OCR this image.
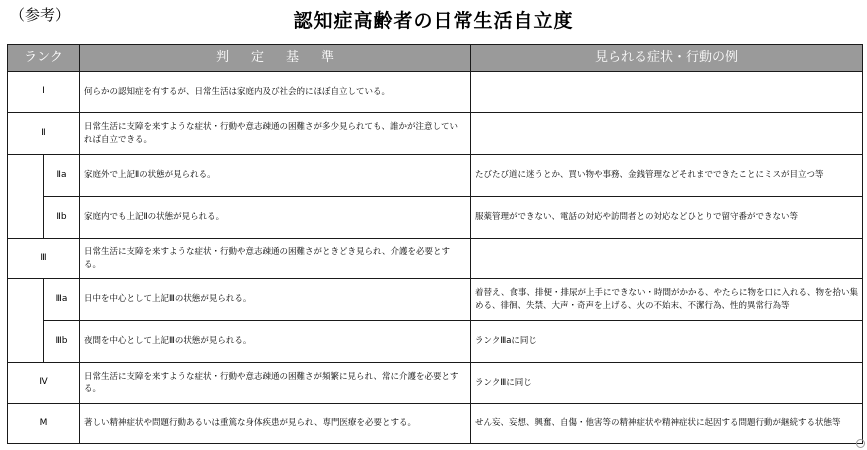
（参考）	認知症高齢者の日常生活自立度
ランク		判定基準	見られる症状・行動の例
Ⅰ		何らかの認知症を有するが、日常生活は家庭内及び社会的にほぼ自立している。	
Ⅱ		日常生活に支障を来すような症状・行動や意志疎通の困難さが多少見られても、誰かが注意していれば自立できる。	
	Ⅱa	家庭外で上記Ⅱの状態が見られる。	たびたび道に迷うとか、買い物や事務、金銭管理などそれまでできたことにミスが目立つ等
	Ⅱb	家庭内でも上記Ⅱの状態が見られる。	服薬管理ができない、電話の対応や訪問者との対応などひとりで留守番ができない等
Ⅲ		日常生活に支障を来すような症状・行動や意志疎通の困難さがときどき見られ、介護を必要とする。	
	Ⅲa	日中を中心として上記Ⅲの状態が見られる。	着替え、食事、排便・排尿が上手にできない・時間がかかる、やたらに物を口に入れる、物を拾い集める、徘徊、失禁、大声・奇声を上げる、火の不始末、不潔行為、性的異常行為等
	Ⅲb	夜間を中心として上記Ⅲの状態が見られる。	ランクⅢaに同じ
Ⅳ		日常生活に支障を来すような症状・行動や意志疎通の困難さが頻繁に見られ、常に介護を必要とする。	ランクⅢに同じ
M		著しい精神症状や問題行動あるいは重篤な身体疾患が見られ、専門医療を必要とする。	せん妄、妄想、興奮、自傷・他害等の精神症状や精神症状に起因する問題行動が継続する状態等
